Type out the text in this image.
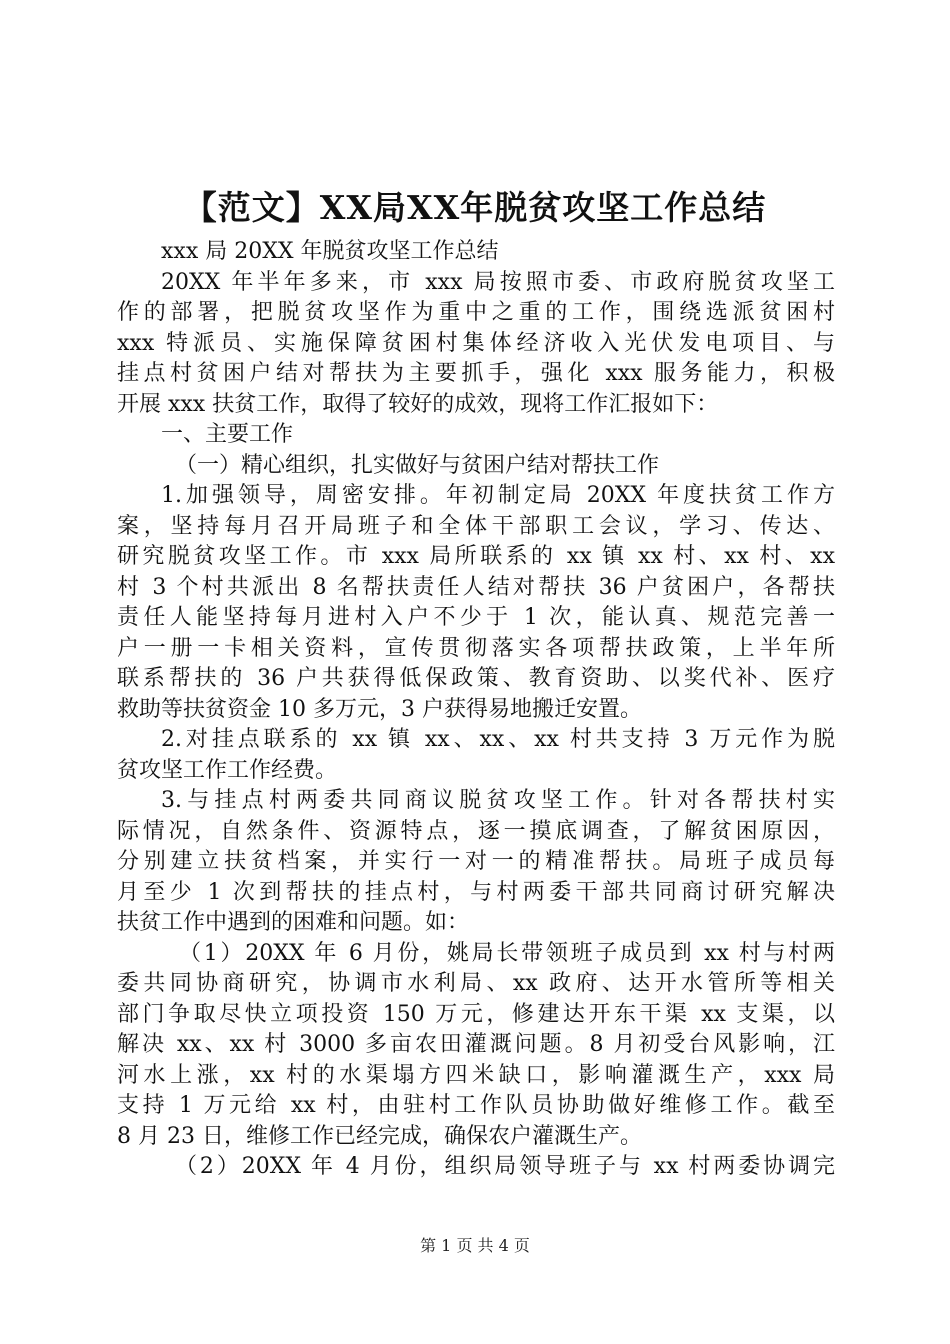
【范文】XX局XX年脱贫攻坚工作总结
xxx 局 20XX 年脱贫攻坚工作总结
20XX 年半年多来，市 xxx 局按照市委、市政府脱贫攻坚工
作的部署，把脱贫攻坚作为重中之重的工作，围绕选派贫困村
xxx 特派员、实施保障贫困村集体经济收入光伏发电项目、与
挂点村贫困户结对帮扶为主要抓手，强化 xxx 服务能力，积极
开展 xxx 扶贫工作，取得了较好的成效，现将工作汇报如下：
一、主要工作
（一）精心组织，扎实做好与贫困户结对帮扶工作
1.加强领导，周密安排。年初制定局 20XX 年度扶贫工作方
案，坚持每月召开局班子和全体干部职工会议，学习、传达、
研究脱贫攻坚工作。市 xxx 局所联系的 xx 镇 xx 村、xx 村、xx
村 3 个村共派出 8 名帮扶责任人结对帮扶 36 户贫困户，各帮扶
责任人能坚持每月进村入户不少于 1 次，能认真、规范完善一
户一册一卡相关资料，宣传贯彻落实各项帮扶政策，上半年所
联系帮扶的 36 户共获得低保政策、教育资助、以奖代补、医疗
救助等扶贫资金 10 多万元，3 户获得易地搬迁安置。
2.对挂点联系的 xx 镇 xx、xx、xx 村共支持 3 万元作为脱
贫攻坚工作工作经费。
3.与挂点村两委共同商议脱贫攻坚工作。针对各帮扶村实
际情况，自然条件、资源特点，逐一摸底调查，了解贫困原因，
分别建立扶贫档案，并实行一对一的精准帮扶。局班子成员每
月至少 1 次到帮扶的挂点村，与村两委干部共同商讨研究解决
扶贫工作中遇到的困难和问题。如：
（1）20XX 年 6 月份，姚局长带领班子成员到 xx 村与村两
委共同协商研究，协调市水利局、xx 政府、达开水管所等相关
部门争取尽快立项投资 150 万元，修建达开东干渠 xx 支渠，以
解决 xx、xx 村 3000 多亩农田灌溉问题。8 月初受台风影响，江
河水上涨，xx 村的水渠塌方四米缺口，影响灌溉生产，xxx 局
支持 1 万元给 xx 村，由驻村工作队员协助做好维修工作。截至
8 月 23 日，维修工作已经完成，确保农户灌溉生产。
（2）20XX 年 4 月份，组织局领导班子与 xx 村两委协调完
第 1 页 共 4 页
